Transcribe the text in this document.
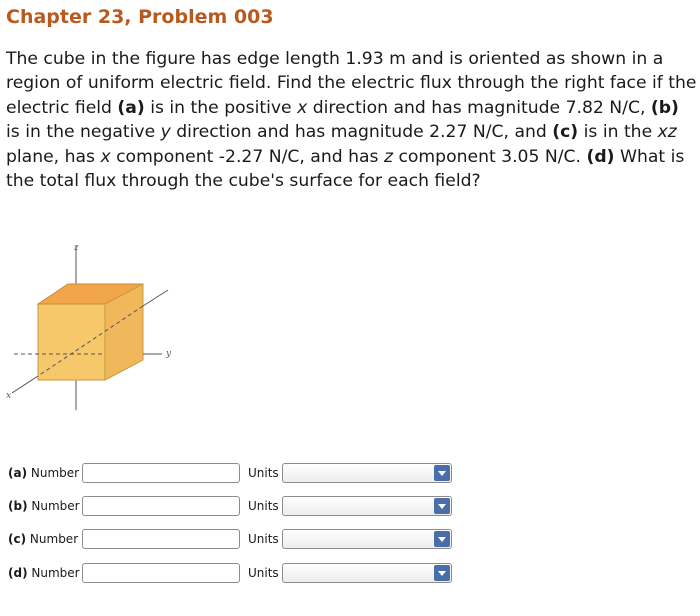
Chapter 23, Problem 003

The cube in the figure has edge length 1.93 m and is oriented as shown in a region of uniform electric field. Find the electric flux through the right face if the electric field (a) is in the positive x direction and has magnitude 7.82 N/C, (b) is in the negative y direction and has magnitude 2.27 N/C, and (c) is in the xz plane, has x component -2.27 N/C, and has z component 3.05 N/C. (d) What is the total flux through the cube's surface for each field?

z
y
x
(a) Number	Units
(b) Number	Units
(c) Number	Units
(d) Number	Units
